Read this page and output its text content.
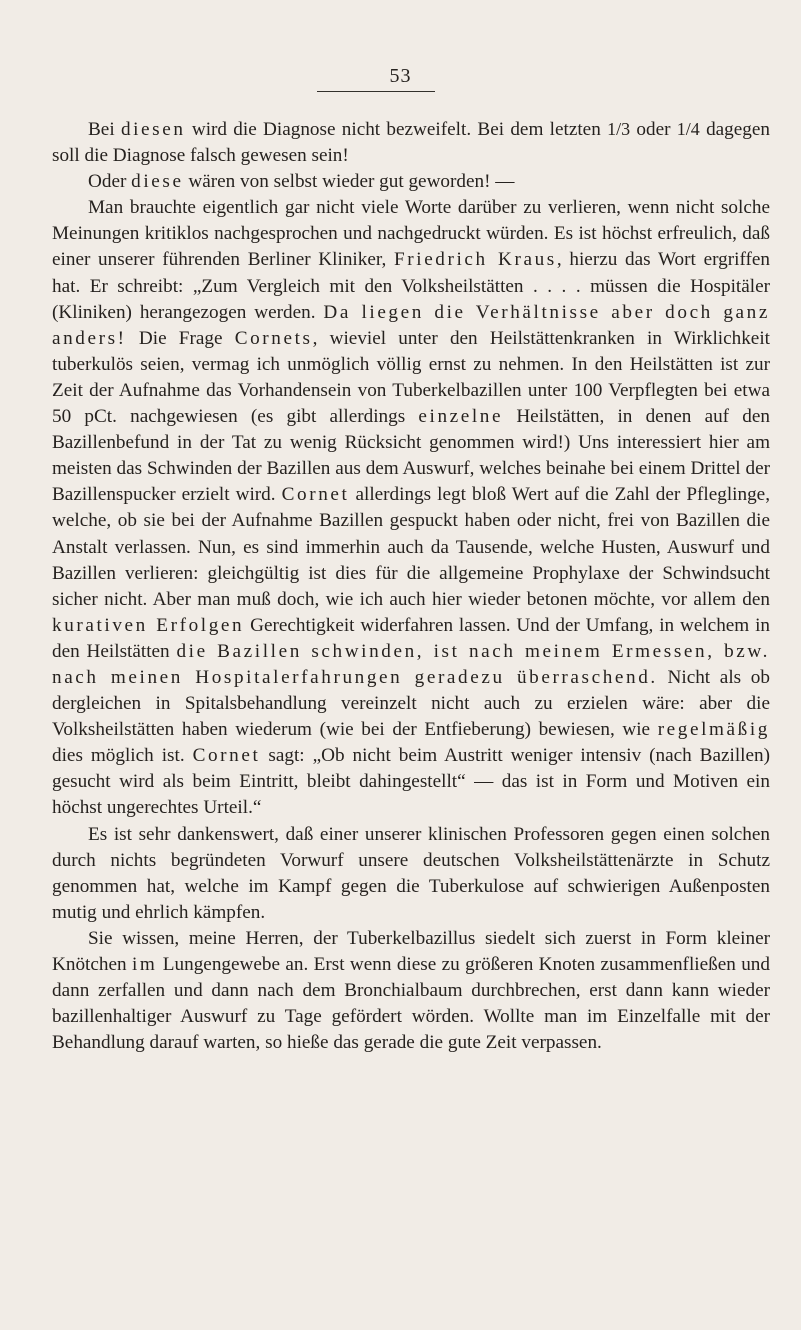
53

Bei diesen wird die Diagnose nicht bezweifelt. Bei dem letzten 1/3 oder 1/4 dagegen soll die Diagnose falsch gewesen sein!

Oder diese wären von selbst wieder gut geworden! —

Man brauchte eigentlich gar nicht viele Worte darüber zu verlieren, wenn nicht solche Meinungen kritiklos nachgesprochen und nachgedruckt würden. Es ist höchst erfreulich, daß einer unserer führenden Berliner Kliniker, Friedrich Kraus, hierzu das Wort ergriffen hat. Er schreibt: „Zum Vergleich mit den Volksheilstätten . . . . müssen die Hospitäler (Kliniken) herangezogen werden. Da liegen die Verhältnisse aber doch ganz anders! Die Frage Cornets, wieviel unter den Heilstättenkranken in Wirklichkeit tuberkulös seien, vermag ich unmöglich völlig ernst zu nehmen. In den Heilstätten ist zur Zeit der Aufnahme das Vorhandensein von Tuberkelbazillen unter 100 Verpflegten bei etwa 50 pCt. nachgewiesen (es gibt allerdings einzelne Heilstätten, in denen auf den Bazillenbefund in der Tat zu wenig Rücksicht genommen wird!) Uns interessiert hier am meisten das Schwinden der Bazillen aus dem Auswurf, welches beinahe bei einem Drittel der Bazillenspucker erzielt wird. Cornet allerdings legt bloß Wert auf die Zahl der Pfleglinge, welche, ob sie bei der Aufnahme Bazillen gespuckt haben oder nicht, frei von Bazillen die Anstalt verlassen. Nun, es sind immerhin auch da Tausende, welche Husten, Auswurf und Bazillen verlieren: gleichgültig ist dies für die allgemeine Prophylaxe der Schwindsucht sicher nicht. Aber man muß doch, wie ich auch hier wieder betonen möchte, vor allem den kurativen Erfolgen Gerechtigkeit widerfahren lassen. Und der Umfang, in welchem in den Heilstätten die Bazillen schwinden, ist nach meinem Ermessen, bzw. nach meinen Hospitalerfahrungen geradezu überraschend. Nicht als ob dergleichen in Spitalsbehandlung vereinzelt nicht auch zu erzielen wäre: aber die Volksheilstätten haben wiederum (wie bei der Entfieberung) bewiesen, wie regelmäßig dies möglich ist. Cornet sagt: „Ob nicht beim Austritt weniger intensiv (nach Bazillen) gesucht wird als beim Eintritt, bleibt dahingestellt“ — das ist in Form und Motiven ein höchst ungerechtes Urteil.“

Es ist sehr dankenswert, daß einer unserer klinischen Professoren gegen einen solchen durch nichts begründeten Vorwurf unsere deutschen Volksheilstättenärzte in Schutz genommen hat, welche im Kampf gegen die Tuberkulose auf schwierigen Außenposten mutig und ehrlich kämpfen.

Sie wissen, meine Herren, der Tuberkelbazillus siedelt sich zuerst in Form kleiner Knötchen im Lungengewebe an. Erst wenn diese zu größeren Knoten zusammenfließen und dann zerfallen und dann nach dem Bronchialbaum durchbrechen, erst dann kann wieder bazillenhaltiger Auswurf zu Tage gefördert wörden. Wollte man im Einzelfalle mit der Behandlung darauf warten, so hieße das gerade die gute Zeit verpassen.
